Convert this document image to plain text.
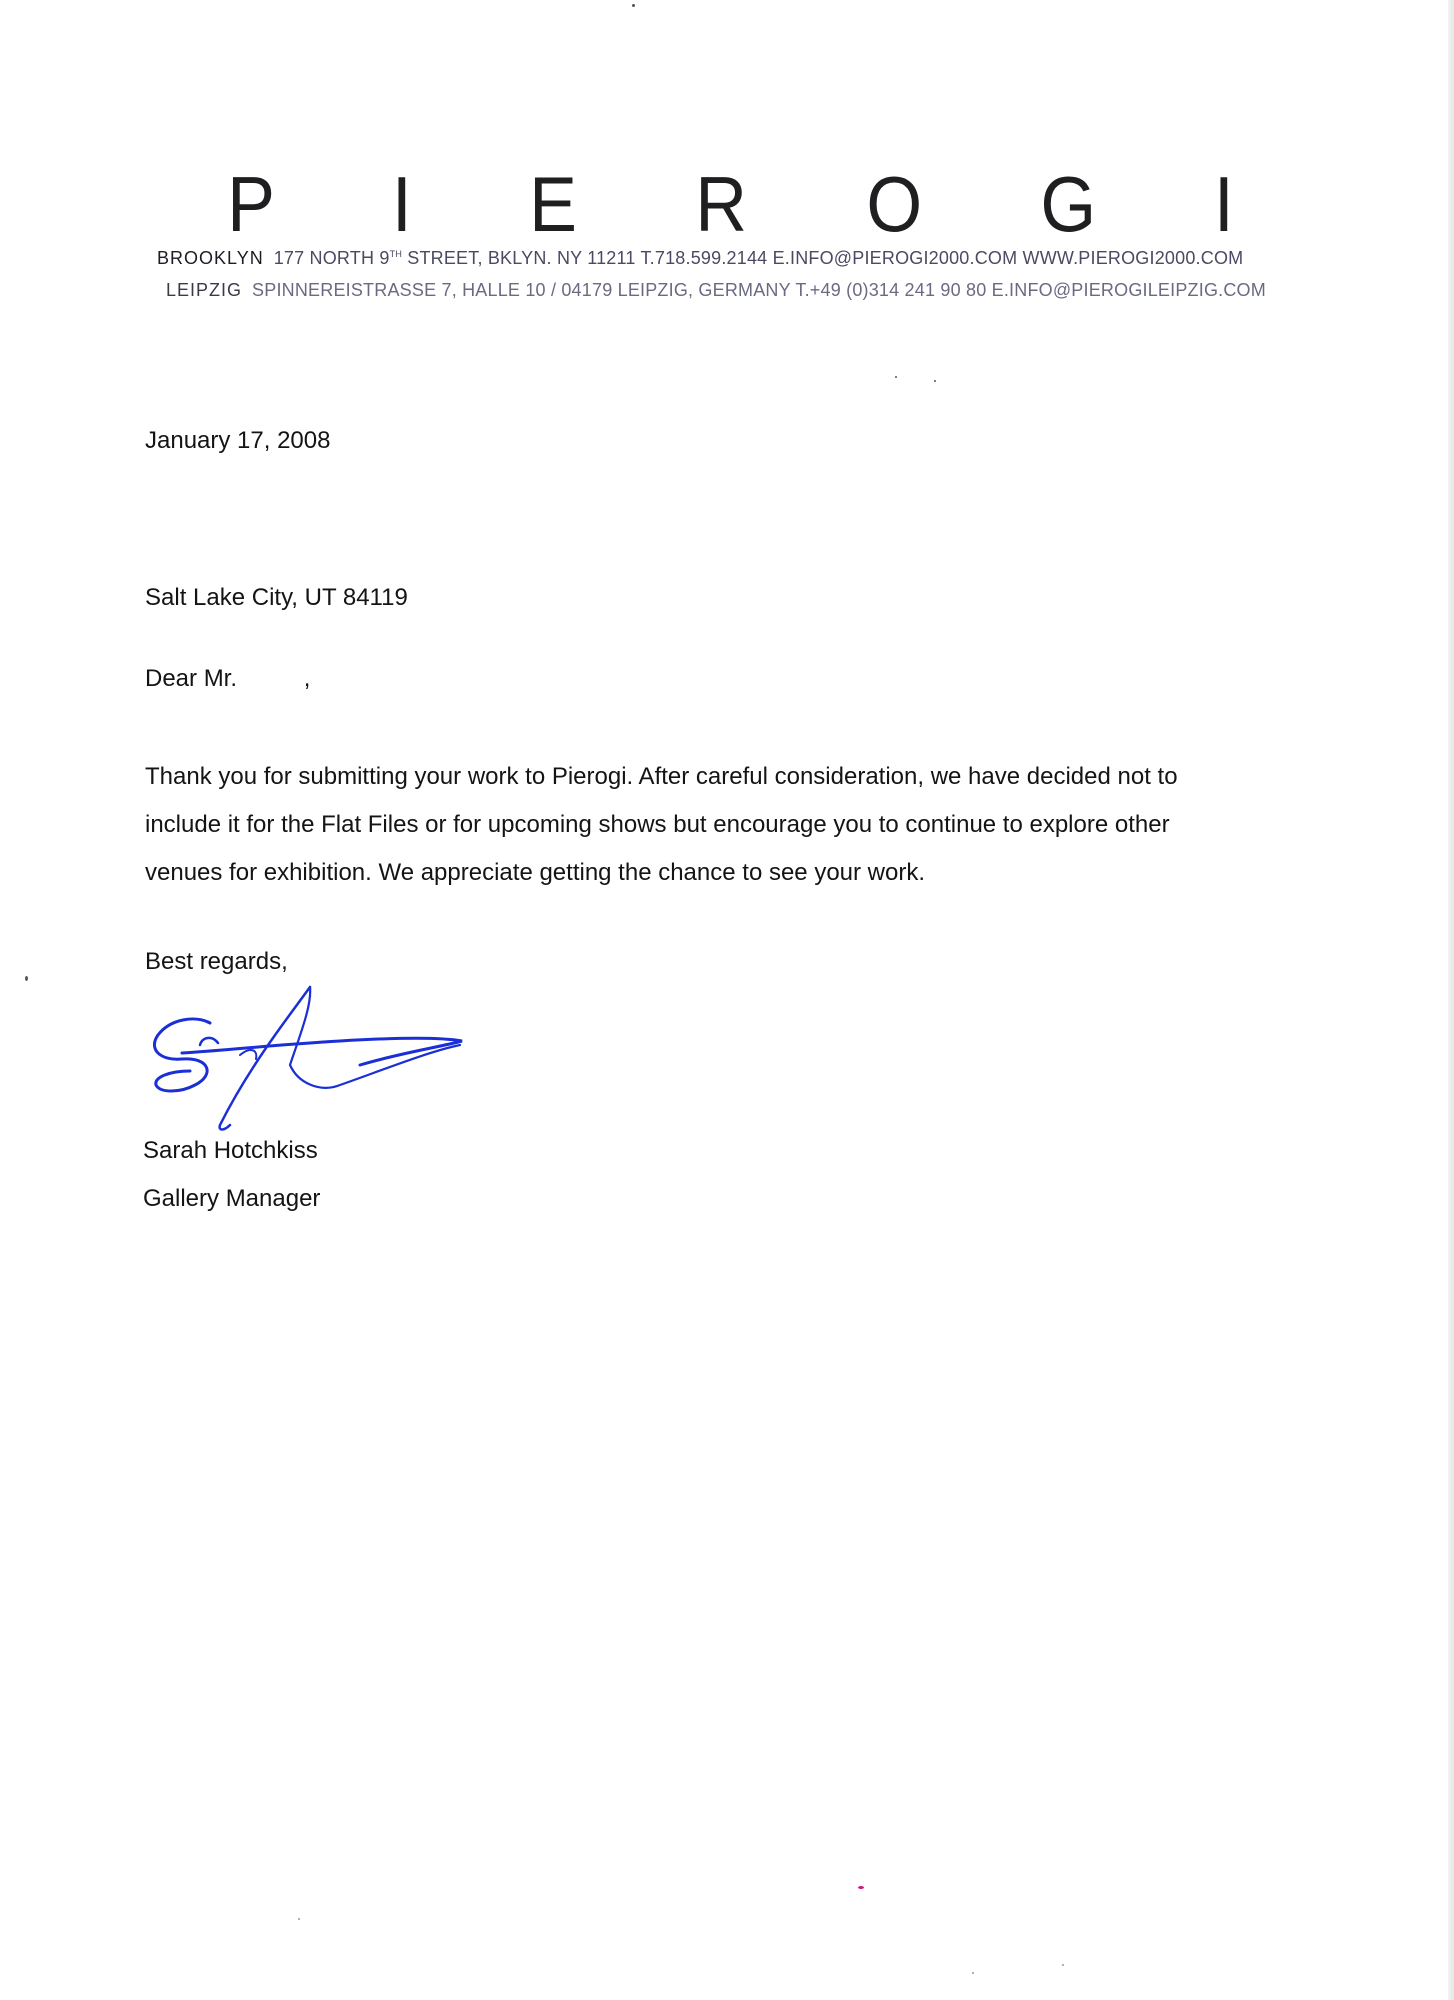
P I E R O G I
BROOKLYN 177 NORTH 9TH STREET, BKLYN. NY 11211 T.718.599.2144 E.INFO@PIEROGI2000.COM WWW.PIEROGI2000.COM
LEIPZIG SPINNEREISTRASSE 7, HALLE 10 / 04179 LEIPZIG, GERMANY T.+49 (0)314 241 90 80 E.INFO@PIEROGILEIPZIG.COM
January 17, 2008
Salt Lake City, UT 84119
Dear Mr.          ,
Thank you for submitting your work to Pierogi. After careful consideration, we have decided not to
include it for the Flat Files or for upcoming shows but encourage you to continue to explore other
venues for exhibition. We appreciate getting the chance to see your work.
Best regards,
Sarah Hotchkiss
Gallery Manager
